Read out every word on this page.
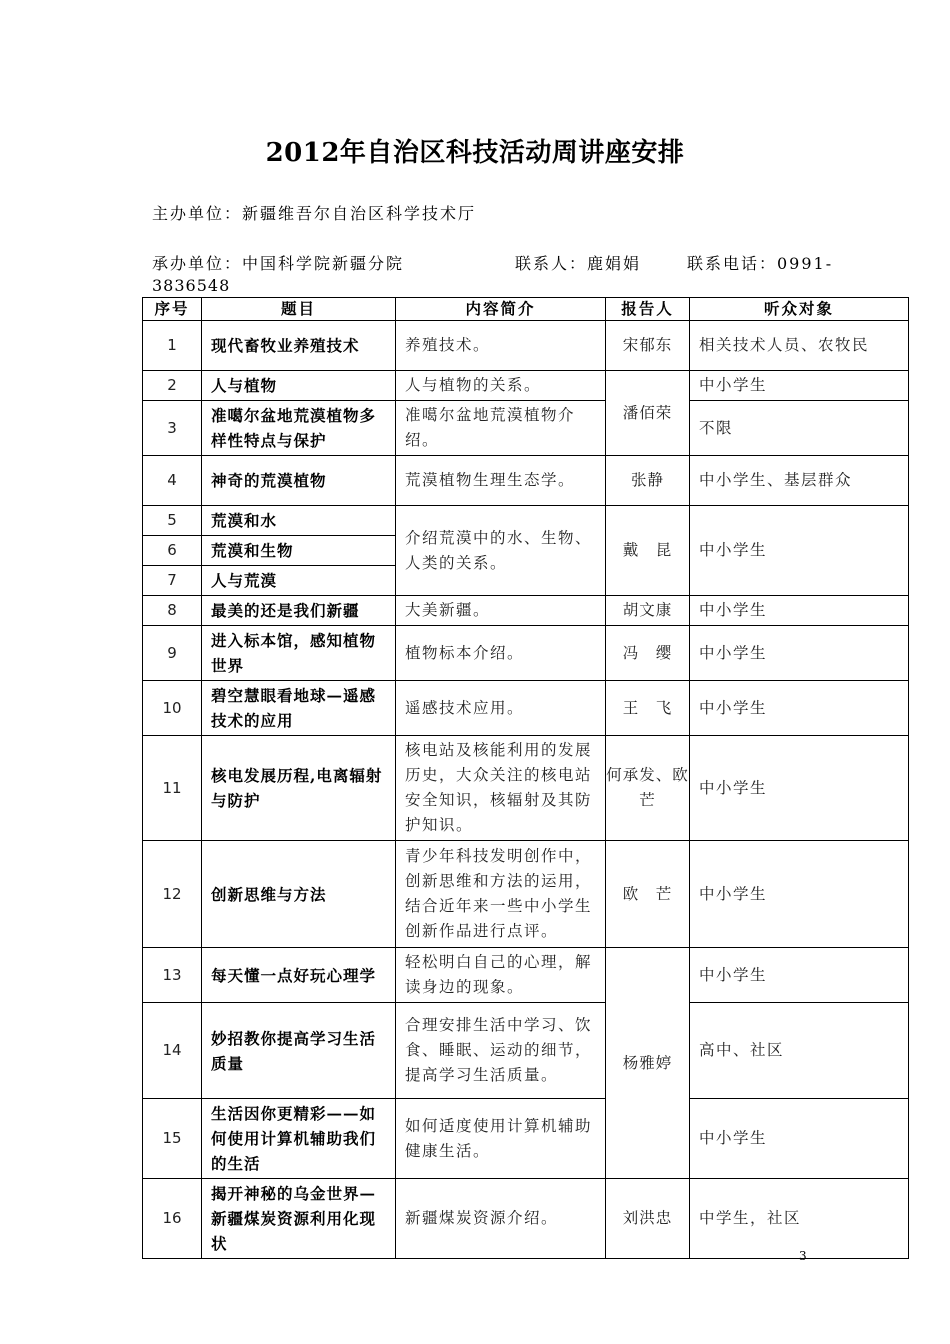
2012年自治区科技活动周讲座安排
主办单位：新疆维吾尔自治区科学技术厅
承办单位：中国科学院新疆分院	联系人：鹿娟娟	联系电话：0991-
3836548
序号	题目	内容简介	报告人	听众对象
1	现代畜牧业养殖技术	养殖技术。	宋郁东	相关技术人员、农牧民
2	人与植物	人与植物的关系。	潘佰荣	中小学生
3	准噶尔盆地荒漠植物多样性特点与保护	准噶尔盆地荒漠植物介绍。		不限
4	神奇的荒漠植物	荒漠植物生理生态学。	张静	中小学生、基层群众
5	荒漠和水	介绍荒漠中的水、生物、人类的关系。	戴　昆	中小学生
6	荒漠和生物			
7	人与荒漠			
8	最美的还是我们新疆	大美新疆。	胡文康	中小学生
9	进入标本馆，感知植物世界	植物标本介绍。	冯　缨	中小学生
10	碧空慧眼看地球—遥感技术的应用	遥感技术应用。	王　飞	中小学生
11	核电发展历程,电离辐射与防护	核电站及核能利用的发展历史，大众关注的核电站安全知识，核辐射及其防护知识。	何承发、欧芒	中小学生
12	创新思维与方法	青少年科技发明创作中，创新思维和方法的运用，结合近年来一些中小学生创新作品进行点评。	欧　芒	中小学生
13	每天懂一点好玩心理学	轻松明白自己的心理，解读身边的现象。	杨雅婷	中小学生
14	妙招教你提高学习生活质量	合理安排生活中学习、饮食、睡眠、运动的细节，提高学习生活质量。		高中、社区
15	生活因你更精彩——如何使用计算机辅助我们的生活	如何适度使用计算机辅助健康生活。		中小学生
16	揭开神秘的乌金世界—新疆煤炭资源利用化现状	新疆煤炭资源介绍。	刘洪忠	中学生，社区
3
